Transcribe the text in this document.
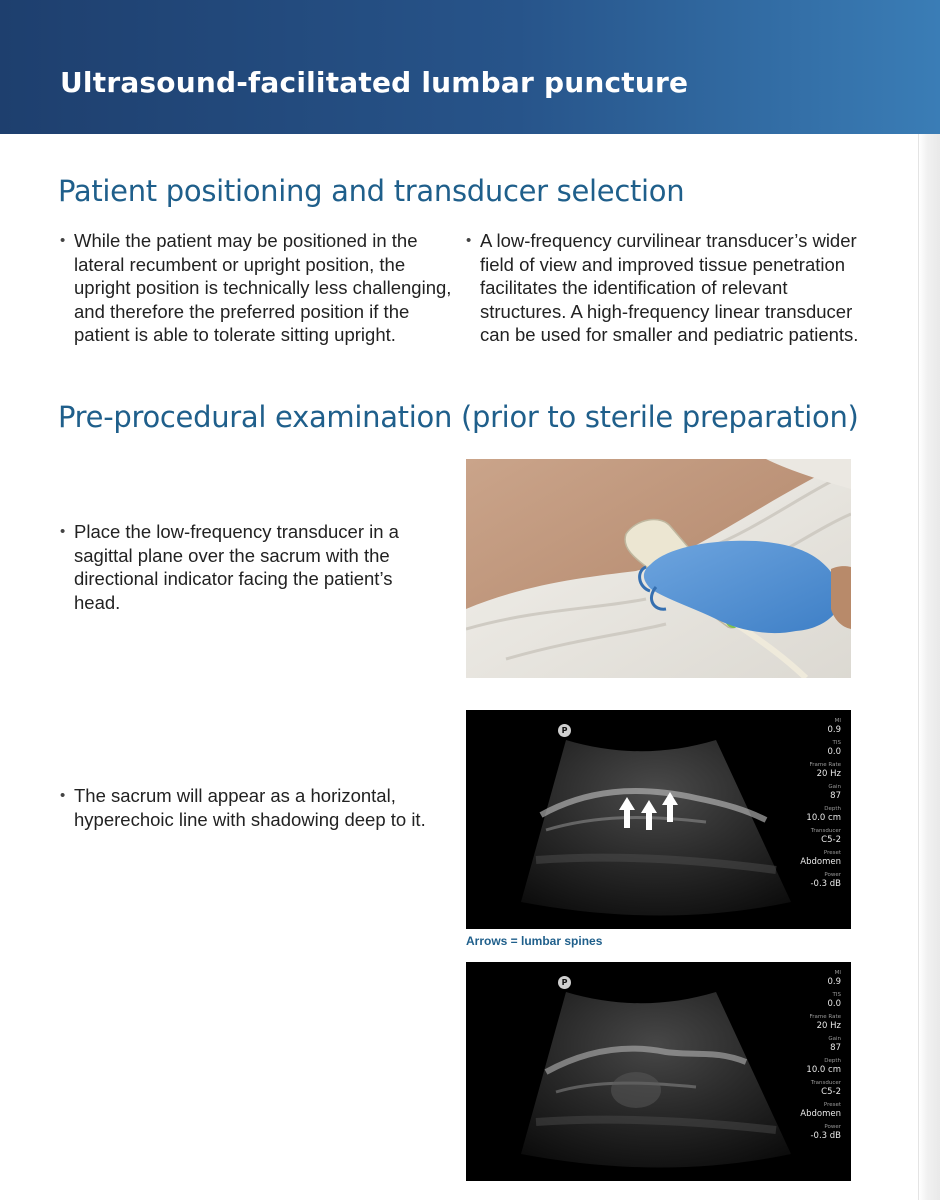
Ultrasound-facilitated lumbar puncture
Patient positioning and transducer selection

• While the patient may be positioned in the lateral recumbent or upright position, the upright position is technically less challenging, and therefore the preferred position if the patient is able to tolerate sitting upright.

• A low-frequency curvilinear transducer’s wider field of view and improved tissue penetration facilitates the identification of relevant structures. A high-frequency linear transducer can be used for smaller and pediatric patients.

Pre-procedural examination (prior to sterile preparation)

• Place the low-frequency transducer in a sagittal plane over the sacrum with the directional indicator facing the patient’s head.

• The sacrum will appear as a horizontal, hyperechoic line with shadowing deep to it.

P
MI
0.9
TIS
0.0
Frame Rate
20 Hz
Gain
87
Depth
10.0 cm
Transducer
C5-2
Preset
Abdomen
Power
-0.3 dB
Arrows = lumbar spines
P
MI
0.9
TIS
0.0
Frame Rate
20 Hz
Gain
87
Depth
10.0 cm
Transducer
C5-2
Preset
Abdomen
Power
-0.3 dB
